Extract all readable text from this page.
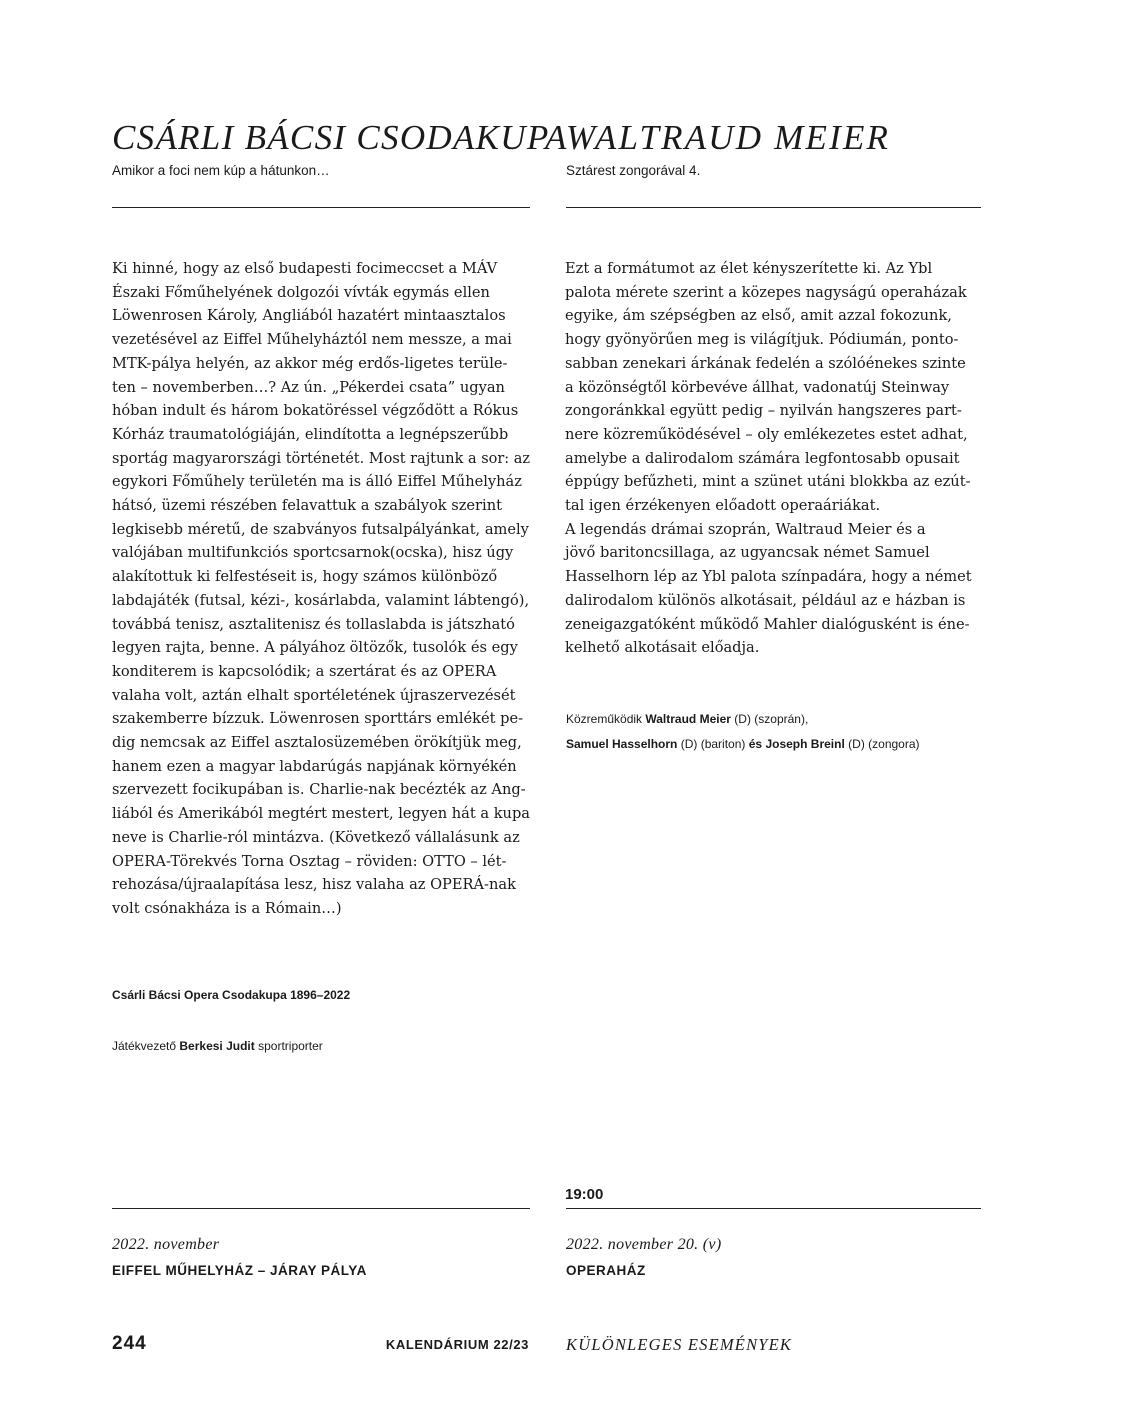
CSÁRLI BÁCSI CSODAKUPA

Amikor a foci nem kúp a hátunkon…

Ki hinné, hogy az első budapesti focimeccset a MÁV
Északi Főműhelyének dolgozói vívták egymás ellen
Löwenrosen Károly, Angliából hazatért mintaasztalos
vezetésével az Eiffel Műhelyháztól nem messze, a mai
MTK-pálya helyén, az akkor még erdős-ligetes terüle-
ten – novemberben…? Az ún. „Pékerdei csata” ugyan
hóban indult és három bokatöréssel végződött a Rókus
Kórház traumatológiáján, elindította a legnépszerűbb
sportág magyarországi történetét. Most rajtunk a sor: az
egykori Főműhely területén ma is álló Eiffel Műhelyház
hátsó, üzemi részében felavattuk a szabályok szerint
legkisebb méretű, de szabványos futsalpályánkat, amely
valójában multifunkciós sportcsarnok(ocska), hisz úgy
alakítottuk ki felfestéseit is, hogy számos különböző
labdajáték (futsal, kézi-, kosárlabda, valamint lábtengó),
továbbá tenisz, asztalitenisz és tollaslabda is játszható
legyen rajta, benne. A pályához öltözők, tusolók és egy
konditerem is kapcsolódik; a szertárat és az OPERA
valaha volt, aztán elhalt sportéletének újraszervezését
szakemberre bízzuk. Löwenrosen sporttárs emlékét pe-
dig nemcsak az Eiffel asztalosüzemében örökítjük meg,
hanem ezen a magyar labdarúgás napjának környékén
szervezett focikupában is. Charlie-nak becézték az Ang-
liából és Amerikából megtért mestert, legyen hát a kupa
neve is Charlie-ról mintázva. (Következő vállalásunk az
OPERA-Törekvés Torna Osztag – röviden: OTTO – lét-
rehozása/újraalapítása lesz, hisz valaha az OPERÁ-nak
volt csónakháza is a Rómain…)
Csárli Bácsi Opera Csodakupa 1896–2022
Játékvezető Berkesi Judit sportriporter
2022. november
EIFFEL MŰHELYHÁZ – JÁRAY PÁLYA
WALTRAUD MEIER

Sztárest zongorával 4.

Ezt a formátumot az élet kényszerítette ki. Az Ybl
palota mérete szerint a közepes nagyságú operaházak
egyike, ám szépségben az első, amit azzal fokozunk,
hogy gyönyörűen meg is világítjuk. Pódiumán, ponto-
sabban zenekari árkának fedelén a szólóénekes szinte
a közönségtől körbevéve állhat, vadonatúj Steinway
zongoránkkal együtt pedig – nyilván hangszeres part-
nere közreműködésével – oly emlékezetes estet adhat,
amelybe a dalirodalom számára legfontosabb opusait
éppúgy befűzheti, mint a szünet utáni blokkba az ezút-
tal igen érzékenyen előadott operaáriákat.
A legendás drámai szoprán, Waltraud Meier és a
jövő baritoncsillaga, az ugyancsak német Samuel
Hasselhorn lép az Ybl palota színpadára, hogy a német
dalirodalom különös alkotásait, például az e házban is
zeneigazgatóként működő Mahler dialógusként is éne-
kelhető alkotásait előadja.
Közreműködik Waltraud Meier (D) (szoprán),
Samuel Hasselhorn (D) (bariton) és Joseph Breinl (D) (zongora)
19:00
2022. november 20. (v)
OPERAHÁZ
244	KALENDÁRIUM 22/23 KÜLÖNLEGES ESEMÉNYEK
